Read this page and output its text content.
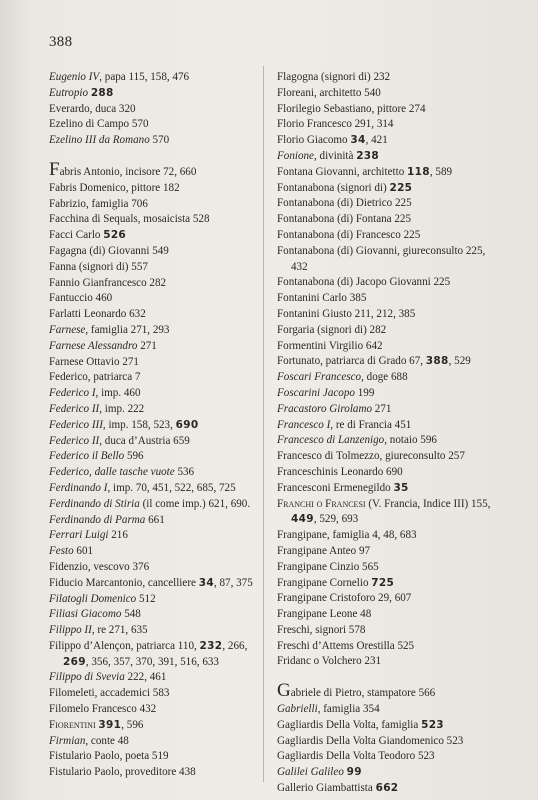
388

Eugenio IV, papa 115, 158, 476

Eutropio 288

Everardo, duca 320

Ezelino di Campo 570

Ezelino III da Romano 570

Fabris Antonio, incisore 72, 660

Fabris Domenico, pittore 182

Fabrizio, famiglia 706

Facchina di Sequals, mosaicista 528

Facci Carlo 526

Fagagna (di) Giovanni 549

Fanna (signori di) 557

Fannio Gianfrancesco 282

Fantuccio 460

Farlatti Leonardo 632

Farnese, famiglia 271, 293

Farnese Alessandro 271

Farnese Ottavio 271

Federico, patriarca 7

Federico I, imp. 460

Federico II, imp. 222

Federico III, imp. 158, 523, 690

Federico II, duca d’Austria 659

Federico il Bello 596

Federico, dalle tasche vuote 536

Ferdinando I, imp. 70, 451, 522, 685, 725

Ferdinando di Stiria (il come imp.) 621, 690.

Ferdinando di Parma 661

Ferrari Luigi 216

Festo 601

Fidenzio, vescovo 376

Fiducio Marcantonio, cancelliere 34, 87, 375

Filatogli Domenico 512

Filiasi Giacomo 548

Filippo II, re 271, 635

Filippo d’Alençon, patriarca 110, 232, 266, 269, 356, 357, 370, 391, 516, 633

Filippo di Svevia 222, 461

Filomeleti, accademici 583

Filomelo Francesco 432

Fiorentini 391, 596

Firmian, conte 48

Fistulario Paolo, poeta 519

Fistulario Paolo, proveditore 438

Flagogna (signori di) 232

Floreani, architetto 540

Florilegio Sebastiano, pittore 274

Florio Francesco 291, 314

Florio Giacomo 34, 421

Fonione, divinità 238

Fontana Giovanni, architetto 118, 589

Fontanabona (signori di) 225

Fontanabona (di) Dietrico 225

Fontanabona (di) Fontana 225

Fontanabona (di) Francesco 225

Fontanabona (di) Giovanni, giureconsulto 225, 432

Fontanabona (di) Jacopo Giovanni 225

Fontanini Carlo 385

Fontanini Giusto 211, 212, 385

Forgaria (signori di) 282

Formentini Virgilio 642

Fortunato, patriarca di Grado 67, 388, 529

Foscari Francesco, doge 688

Foscarini Jacopo 199

Fracastoro Girolamo 271

Francesco I, re di Francia 451

Francesco di Lanzenigo, notaio 596

Francesco di Tolmezzo, giureconsulto 257

Franceschinis Leonardo 690

Francesconi Ermenegildo 35

Franchi o Francesi (V. Francia, Indice III) 155, 449, 529, 693

Frangipane, famiglia 4, 48, 683

Frangipane Anteo 97

Frangipane Cinzio 565

Frangipane Cornelio 725

Frangipane Cristoforo 29, 607

Frangipane Leone 48

Freschi, signori 578

Freschi d’Attems Orestilla 525

Fridanc o Volchero 231

Gabriele di Pietro, stampatore 566

Gabrielli, famiglia 354

Gagliardis Della Volta, famiglia 523

Gagliardis Della Volta Giandomenico 523

Gagliardis Della Volta Teodoro 523

Galilei Galileo 99

Gallerio Giambattista 662
